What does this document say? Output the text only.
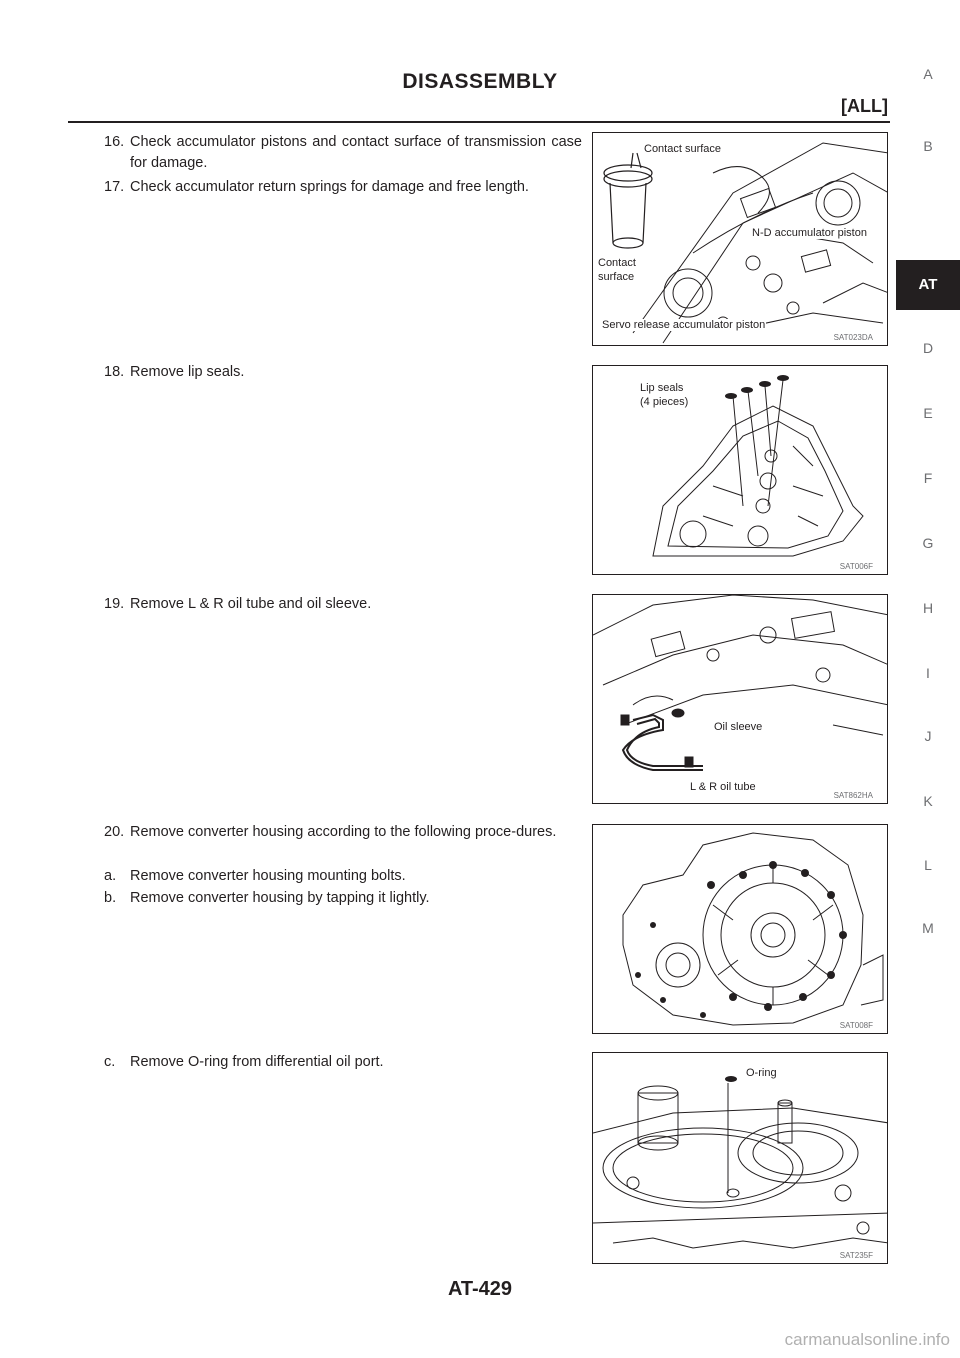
DISASSEMBLY
[ALL]
A
B
AT
D
E
F
G
H
I
J
K
L
M
16. Check accumulator pistons and contact surface of transmission case for damage.
17. Check accumulator return springs for damage and free length.
18. Remove lip seals.
19. Remove L & R oil tube and oil sleeve.
20. Remove converter housing according to the following proce-dures.
a. Remove converter housing mounting bolts.
b. Remove converter housing by tapping it lightly.
c. Remove O-ring from differential oil port.
Contact surface
N-D accumulator piston
Contact
surface
Servo release accumulator piston
SAT023DA
Lip seals
(4 pieces)
SAT006F
Oil sleeve
L & R oil tube
SAT862HA
SAT008F
O-ring
SAT235F
AT-429
carmanualsonline.info
